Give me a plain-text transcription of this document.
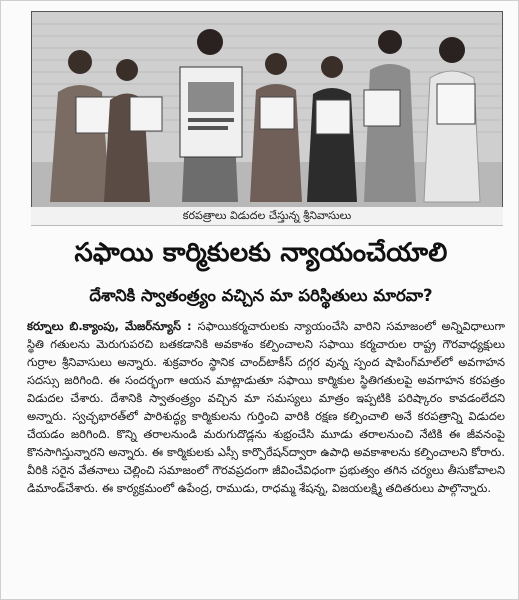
కరపత్రాలు విడుదల చేస్తున్న శ్రీనివాసులు
సఫాయి కార్మికులకు న్యాయంచేయాలి
దేశానికి స్వాతంత్ర్యం వచ్చిన మా పరిస్థితులు మారవా?
కర్నూలు బి.క్యాంపు, మేజర్‌న్యూస్ : సఫాయికర్మచారులకు న్యాయంచేసి వారిని సమాజంలో అన్నివిధాలుగా స్థితి గతులను మెరుగుపరచి బతకడానికి అవకాశం కల్పించాలని సఫాయి కర్మచారుల రాష్ట్ర గౌరవాధ్యక్షులు గుర్రాల శ్రీనివాసులు అన్నారు. శుక్రవారం స్థానిక చాంద్‌టాకీస్ దగ్గర వున్న స్పంద షాపింగ్‌మాల్‌లో అవగాహన సదస్సు జరిగింది. ఈ సందర్భంగా ఆయన మాట్లాడుతూ సఫాయి కార్మికుల స్థితిగతులపై అవగాహన కరపత్రం విడుదల చేశారు. దేశానికి స్వాతంత్ర్యం వచ్చిన మా సమస్యలు మాత్రం ఇప్పటికి పరిష్కారం కావడంలేదని అన్నారు. స్వచ్ఛభారత్‌లో పారిశుద్ధ్య కార్మికులను గుర్తించి వారికి రక్షణ కల్పించాలి అనే కరపత్రాన్ని విడుదల చేయడం జరిగింది. కొన్ని తరాలనుండి మరుగుదొడ్లను శుభ్రంచేసి మూడు తరాలనుంచి నేటికి ఈ జీవనంపై కొనసాగిస్తున్నారని అన్నారు. ఈ కార్మికులకు ఎస్సీ కార్పొరేషన్‌ద్వారా ఉపాధి అవకాశాలను కల్పించాలని కోరారు. వీరికి సరైన వేతనాలు చెల్లించి సమాజంలో గౌరవప్రదంగా జీవించేవిధంగా ప్రభుత్వం తగిన చర్యలు తీసుకోవాలని డిమాండ్‌చేశారు. ఈ కార్యక్రమంలో ఉపేంద్ర, రాముడు, రాధమ్మ శేషన్న, విజయలక్ష్మి తదితరులు పాల్గొన్నారు.
